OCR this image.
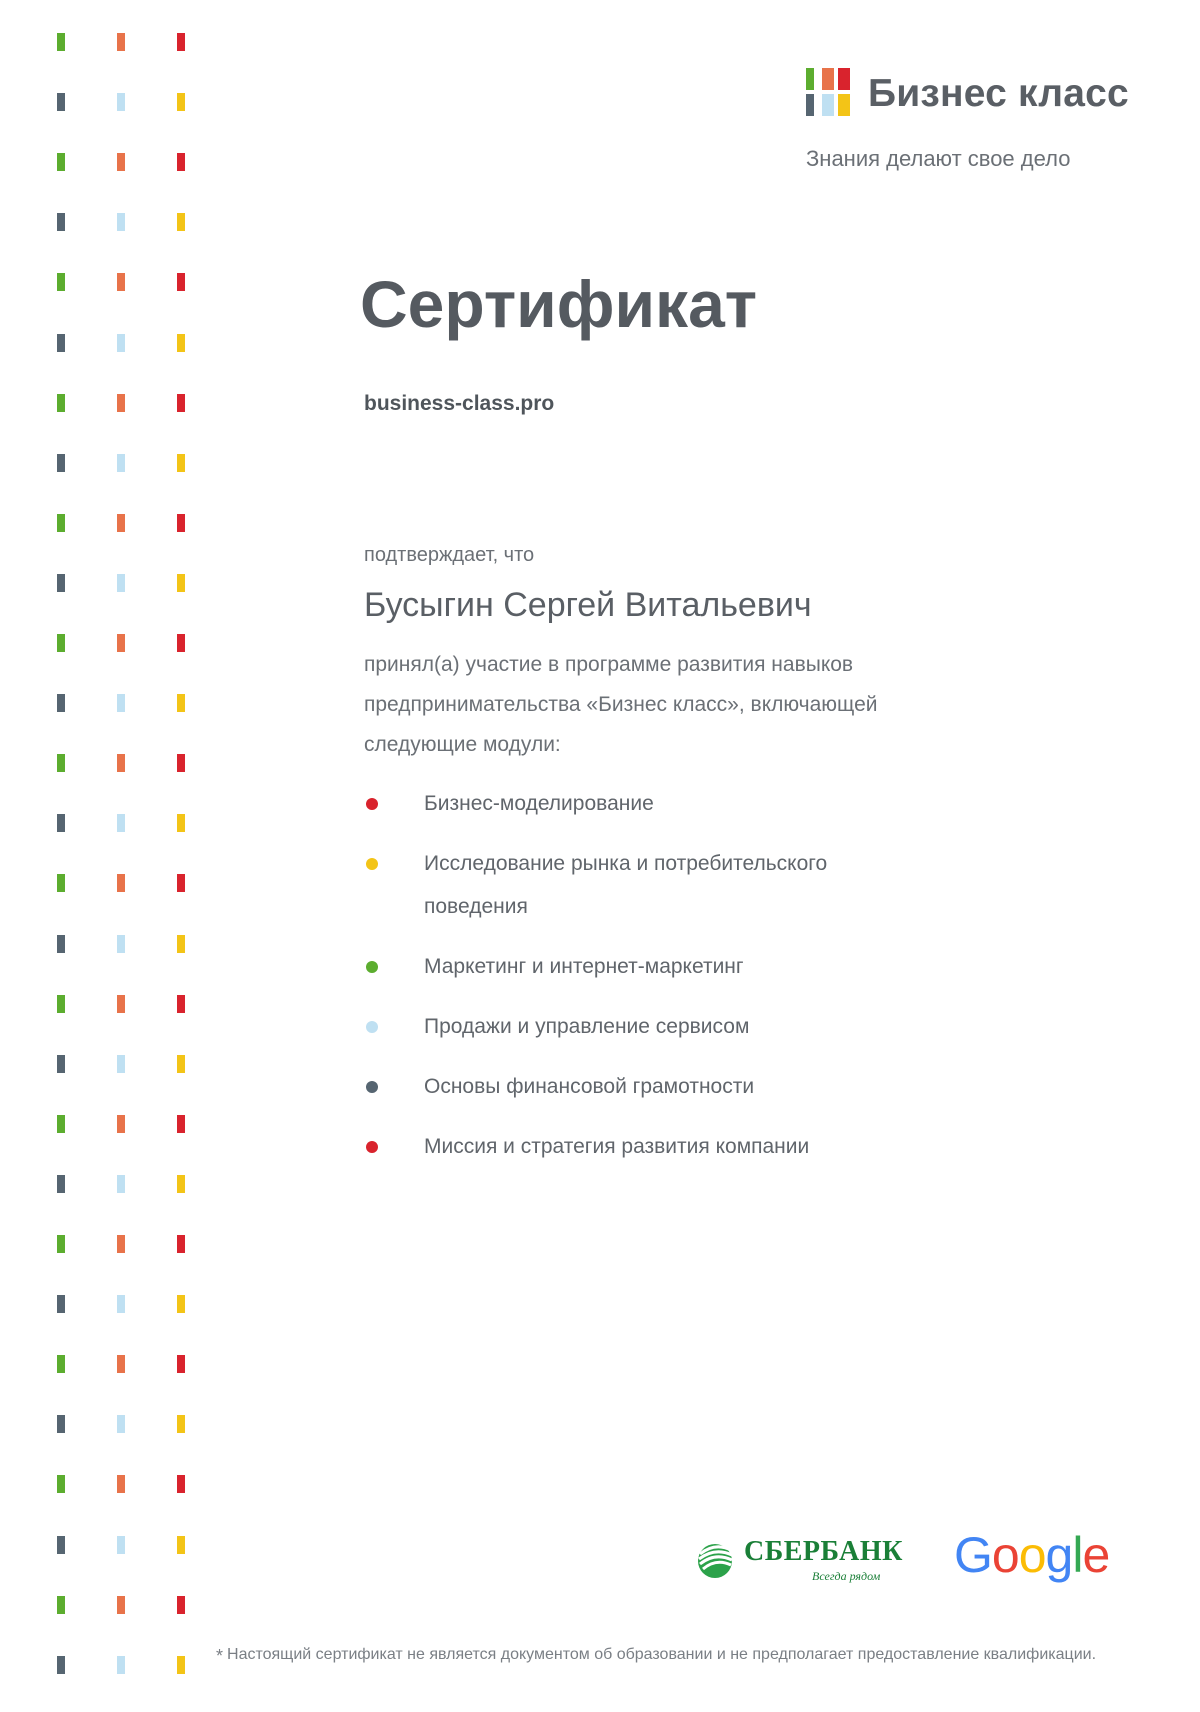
Бизнес класс
Знания делают свое дело
Сертификат
business-class.pro
подтверждает, что
Бусыгин Сергей Витальевич
принял(а) участие в программе развития навыков
предпринимательства «Бизнес класс», включающей
следующие модули:
Бизнес-моделирование
Исследование рынка и потребительского
поведения
Маркетинг и интернет-маркетинг
Продажи и управление сервисом
Основы финансовой грамотности
Миссия и стратегия развития компании
СБЕРБАНК
Всегда рядом Google
* Настоящий сертификат не является документом об образовании и не предполагает предоставление квалификации.
